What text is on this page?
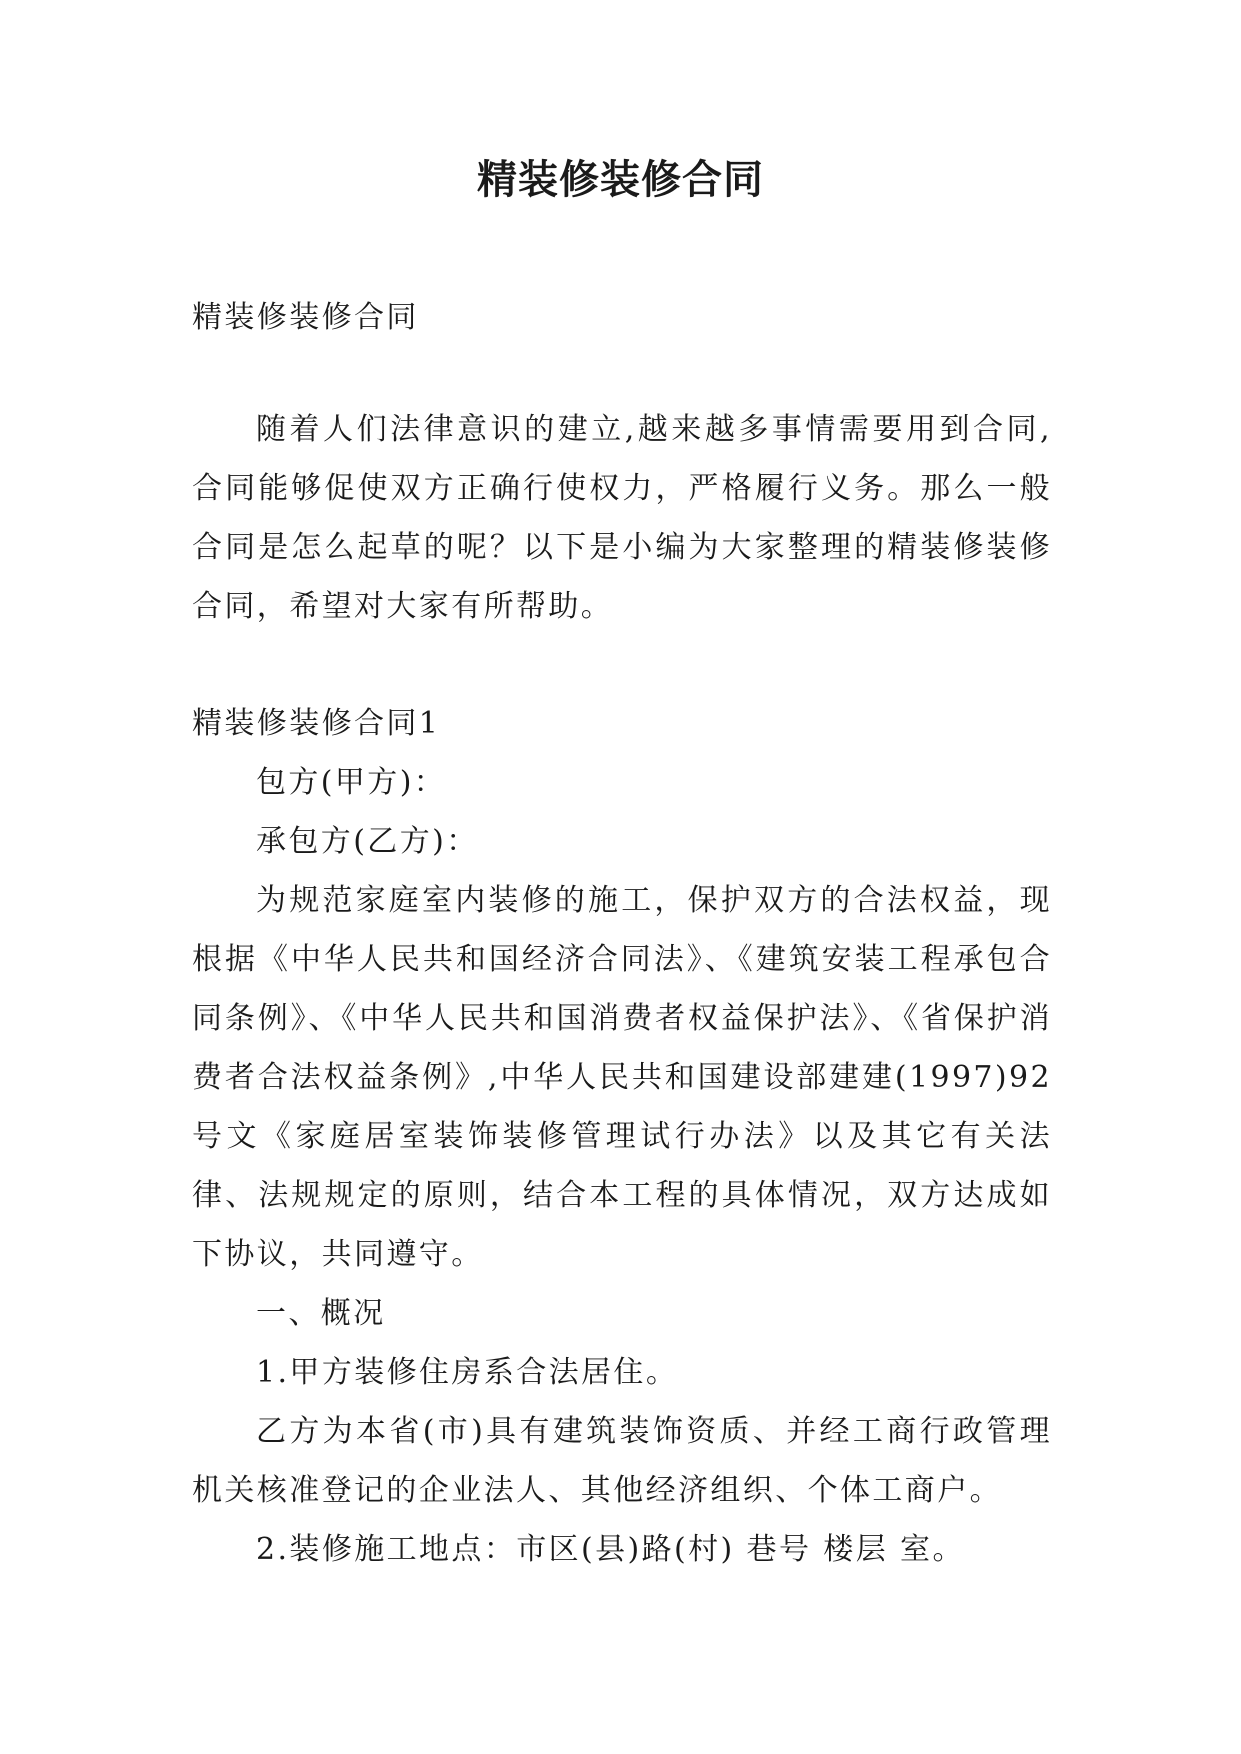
精装修装修合同

精装修装修合同

随着人们法律意识的建立,越来越多事情需要用到合同,合同能够促使双方正确行使权力，严格履行义务。那么一般合同是怎么起草的呢？以下是小编为大家整理的精装修装修合同，希望对大家有所帮助。

精装修装修合同1

包方(甲方)：

承包方(乙方)：

为规范家庭室内装修的施工，保护双方的合法权益，现根据《中华人民共和国经济合同法》、《建筑安装工程承包合同条例》、《中华人民共和国消费者权益保护法》、《省保护消费者合法权益条例》,中华人民共和国建设部建建(1997)92号文《家庭居室装饰装修管理试行办法》以及其它有关法律、法规规定的原则，结合本工程的具体情况，双方达成如下协议，共同遵守。

一、概况

1.甲方装修住房系合法居住。

乙方为本省(市)具有建筑装饰资质、并经工商行政管理机关核准登记的企业法人、其他经济组织、个体工商户。

2.装修施工地点：市区(县)路(村) 巷号 楼层 室。
